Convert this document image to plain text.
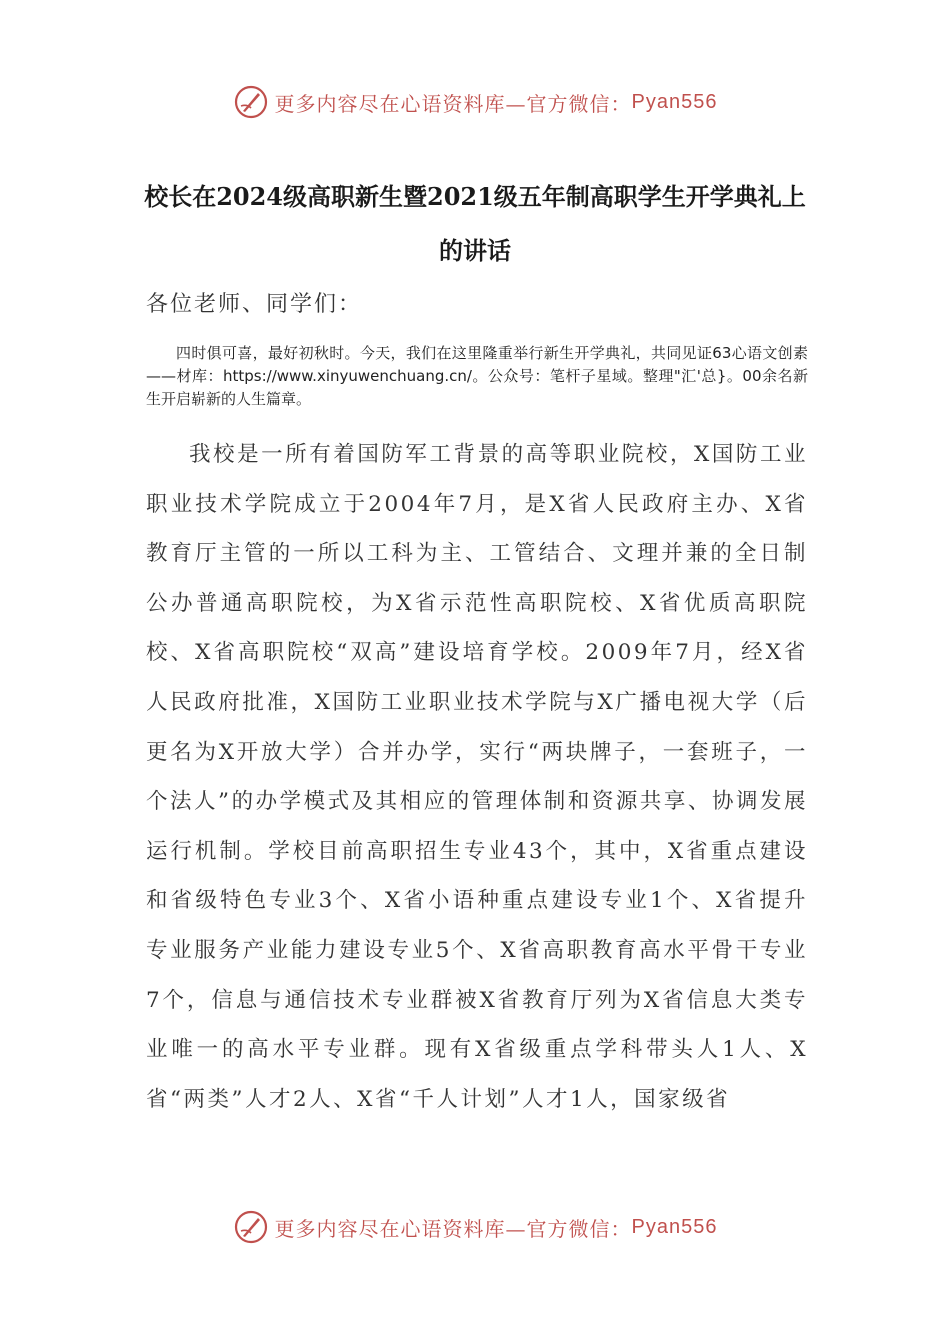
更多内容尽在心语资料库—官方微信： Pyan556
校长在2024级高职新生暨2021级五年制高职学生开学典礼上的讲话
各位老师、同学们：
四时俱可喜，最好初秋时。今天，我们在这里隆重举行新生开学典礼，共同见证63心语文创素——材库：https://www.xinyuwenchuang.cn/。公众号：笔杆子星域。整理"汇'总}。00余名新生开启崭新的人生篇章。
我校是一所有着国防军工背景的高等职业院校，X国防工业职业技术学院成立于2004年7月，是X省人民政府主办、X省教育厅主管的一所以工科为主、工管结合、文理并兼的全日制公办普通高职院校，为X省示范性高职院校、X省优质高职院校、X省高职院校“双高”建设培育学校。2009年7月，经X省人民政府批准，X国防工业职业技术学院与X广播电视大学（后更名为X开放大学）合并办学，实行“两块牌子，一套班子，一个法人”的办学模式及其相应的管理体制和资源共享、协调发展运行机制。学校目前高职招生专业43个，其中，X省重点建设和省级特色专业3个、X省小语种重点建设专业1个、X省提升专业服务产业能力建设专业5个、X省高职教育高水平骨干专业7个，信息与通信技术专业群被X省教育厅列为X省信息大类专业唯一的高水平专业群。现有X省级重点学科带头人1人、X省“两类”人才2人、X省“千人计划”人才1人，国家级省
更多内容尽在心语资料库—官方微信： Pyan556
